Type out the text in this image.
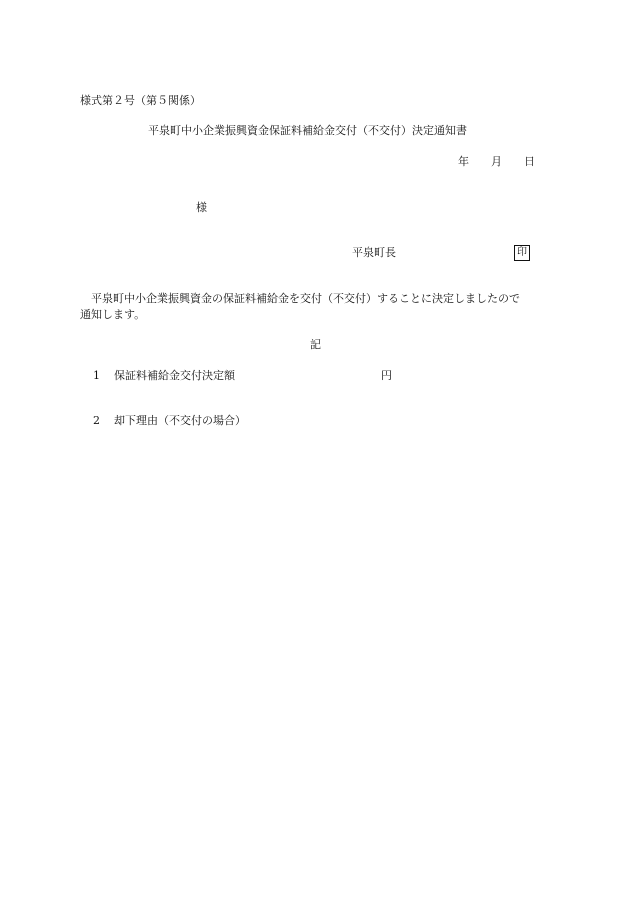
様式第２号（第５関係）
平泉町中小企業振興資金保証料補給金交付（不交付）決定通知書
年 月 日
様
平泉町長	印
平泉町中小企業振興資金の保証料補給金を交付（不交付）することに決定しましたので
通知します。
記
1 保証料補給金交付決定額	円
2 却下理由（不交付の場合）
